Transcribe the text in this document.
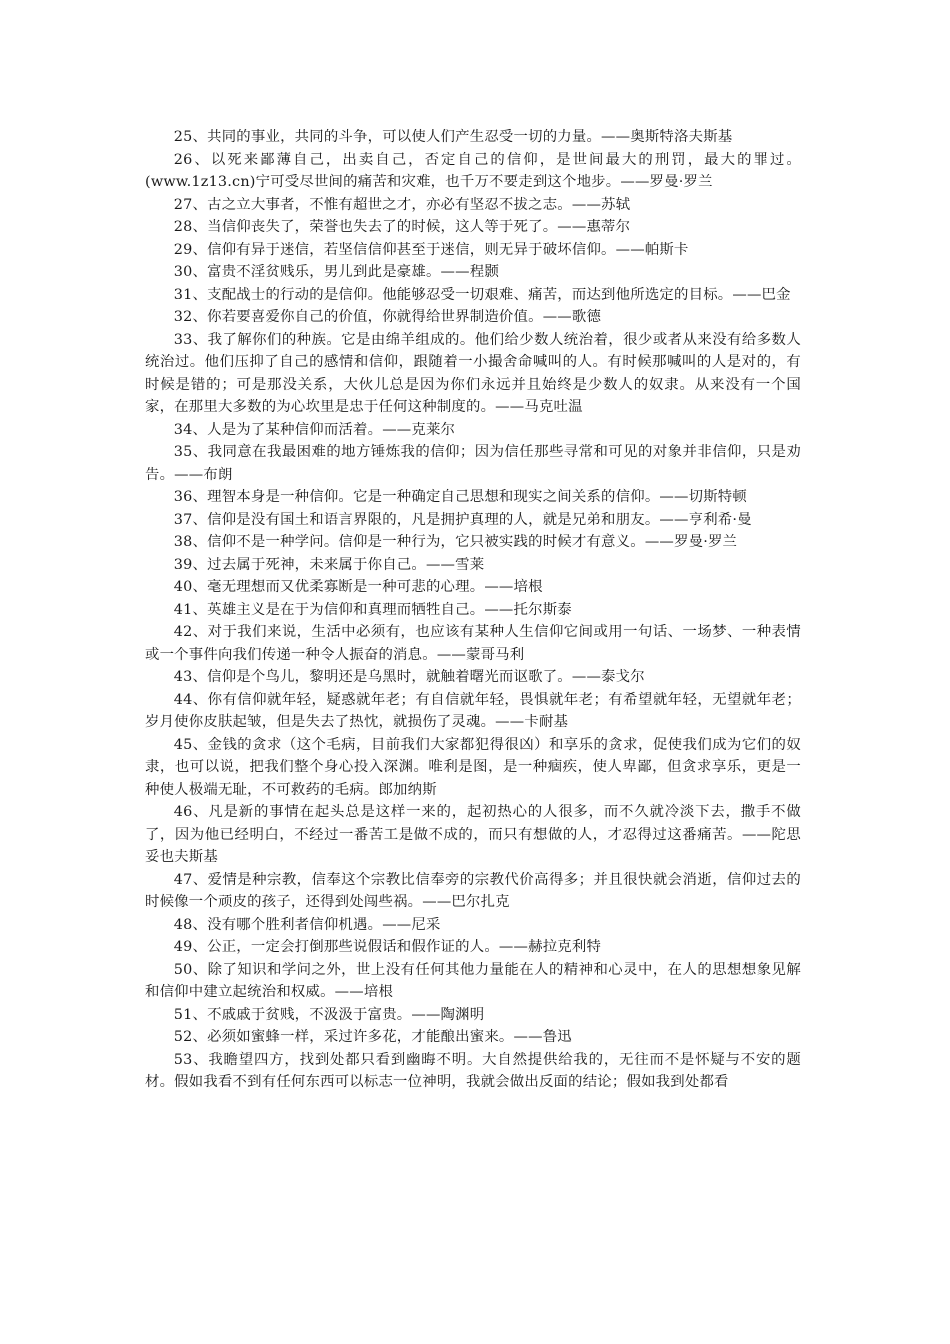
25、共同的事业，共同的斗争，可以使人们产生忍受一切的力量。——奥斯特洛夫斯基

26、以死来鄙薄自己，出卖自己，否定自己的信仰，是世间最大的刑罚，最大的罪过。(www.1z13.cn)宁可受尽世间的痛苦和灾难，也千万不要走到这个地步。——罗曼·罗兰

27、古之立大事者，不惟有超世之才，亦必有坚忍不拔之志。——苏轼

28、当信仰丧失了，荣誉也失去了的时候，这人等于死了。——惠蒂尔

29、信仰有异于迷信，若坚信信仰甚至于迷信，则无异于破坏信仰。——帕斯卡

30、富贵不淫贫贱乐，男儿到此是豪雄。——程颢

31、支配战士的行动的是信仰。他能够忍受一切艰难、痛苦，而达到他所选定的目标。——巴金

32、你若要喜爱你自己的价值，你就得给世界制造价值。——歌德

33、我了解你们的种族。它是由绵羊组成的。他们给少数人统治着，很少或者从来没有给多数人统治过。他们压抑了自己的感情和信仰，跟随着一小撮舍命喊叫的人。有时候那喊叫的人是对的，有时候是错的；可是那没关系，大伙儿总是因为你们永远并且始终是少数人的奴隶。从来没有一个国家，在那里大多数的为心坎里是忠于任何这种制度的。——马克吐温

34、人是为了某种信仰而活着。——克莱尔

35、我同意在我最困难的地方锤炼我的信仰；因为信任那些寻常和可见的对象并非信仰，只是劝告。——布朗

36、理智本身是一种信仰。它是一种确定自己思想和现实之间关系的信仰。——切斯特顿

37、信仰是没有国土和语言界限的，凡是拥护真理的人，就是兄弟和朋友。——亨利希·曼

38、信仰不是一种学问。信仰是一种行为，它只被实践的时候才有意义。——罗曼·罗兰

39、过去属于死神，未来属于你自己。——雪莱

40、毫无理想而又优柔寡断是一种可悲的心理。——培根

41、英雄主义是在于为信仰和真理而牺牲自己。——托尔斯泰

42、对于我们来说，生活中必须有，也应该有某种人生信仰它间或用一句话、一场梦、一种表情或一个事件向我们传递一种令人振奋的消息。——蒙哥马利

43、信仰是个鸟儿，黎明还是乌黑时，就触着曙光而讴歌了。——泰戈尔

44、你有信仰就年轻，疑惑就年老；有自信就年轻，畏惧就年老；有希望就年轻，无望就年老；岁月使你皮肤起皱，但是失去了热忱，就损伤了灵魂。——卡耐基

45、金钱的贪求（这个毛病，目前我们大家都犯得很凶）和享乐的贪求，促使我们成为它们的奴隶，也可以说，把我们整个身心投入深渊。唯利是图，是一种痼疾，使人卑鄙，但贪求享乐，更是一种使人极端无耻，不可救药的毛病。郎加纳斯

46、凡是新的事情在起头总是这样一来的，起初热心的人很多，而不久就冷淡下去，撒手不做了，因为他已经明白，不经过一番苦工是做不成的，而只有想做的人，才忍得过这番痛苦。——陀思妥也夫斯基

47、爱情是种宗教，信奉这个宗教比信奉旁的宗教代价高得多；并且很快就会消逝，信仰过去的时候像一个顽皮的孩子，还得到处闯些祸。——巴尔扎克

48、没有哪个胜利者信仰机遇。——尼采

49、公正，一定会打倒那些说假话和假作证的人。——赫拉克利特

50、除了知识和学问之外，世上没有任何其他力量能在人的精神和心灵中，在人的思想想象见解和信仰中建立起统治和权威。——培根

51、不戚戚于贫贱，不汲汲于富贵。——陶渊明

52、必须如蜜蜂一样，采过许多花，才能酿出蜜来。——鲁迅

53、我瞻望四方，找到处都只看到幽晦不明。大自然提供给我的，无往而不是怀疑与不安的题材。假如我看不到有任何东西可以标志一位神明，我就会做出反面的结论；假如我到处都看
